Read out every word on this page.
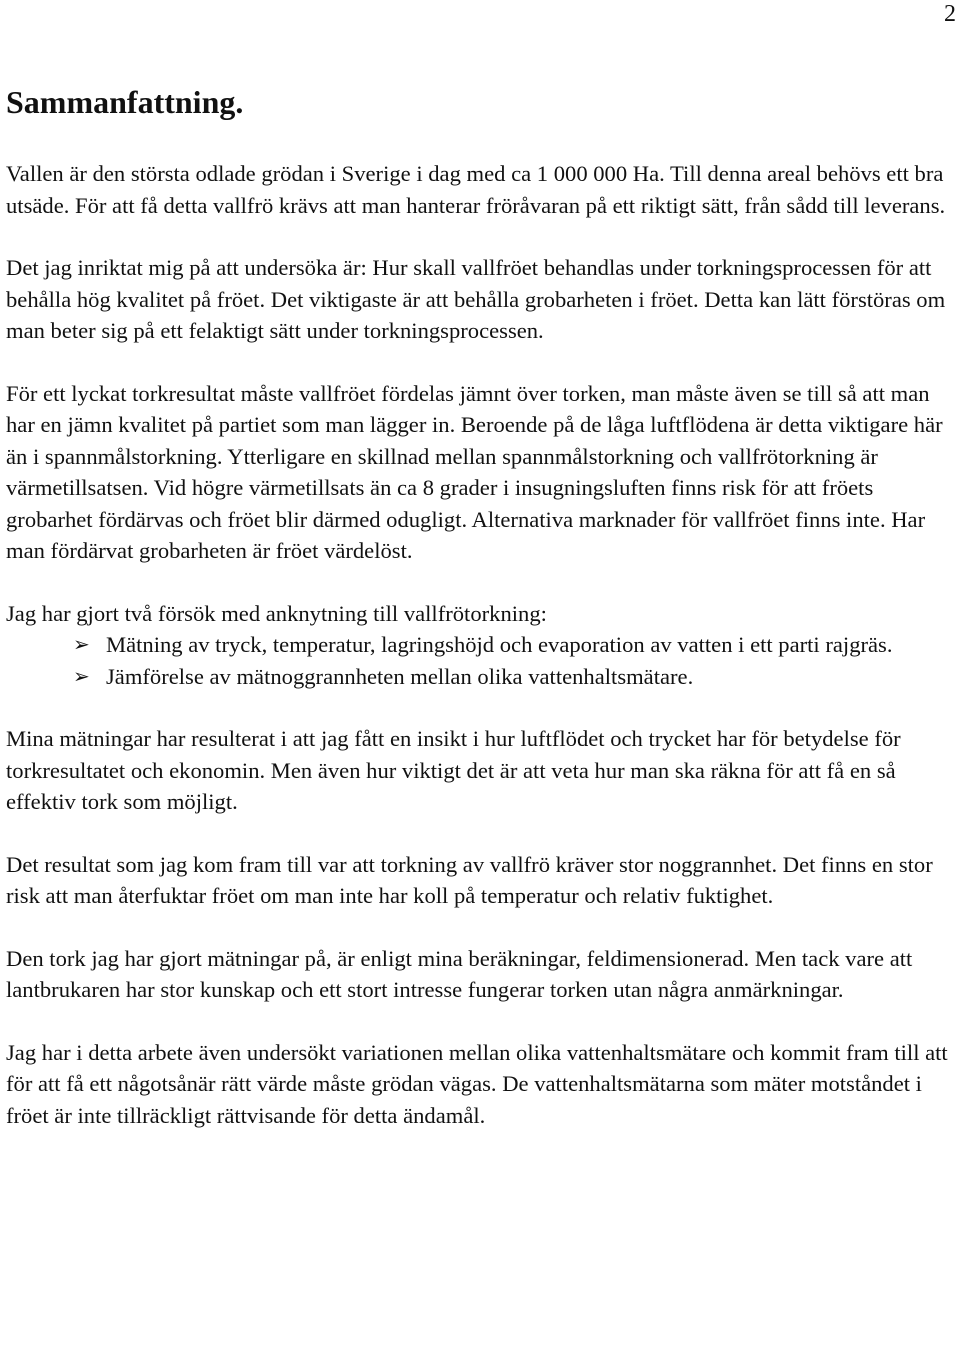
2
Sammanfattning.

Vallen är den största odlade grödan i Sverige i dag med ca 1 000 000 Ha. Till denna areal behövs ett bra utsäde. För att få detta vallfrö krävs att man hanterar fröråvaran på ett riktigt sätt, från sådd till leverans.

Det jag inriktat mig på att undersöka är: Hur skall vallfröet behandlas under torkningsprocessen för att behålla hög kvalitet på fröet. Det viktigaste är att behålla grobarheten i fröet. Detta kan lätt förstöras om man beter sig på ett felaktigt sätt under torkningsprocessen.

För ett lyckat torkresultat måste vallfröet fördelas jämnt över torken, man måste även se till så att man har en jämn kvalitet på partiet som man lägger in. Beroende på de låga luftflödena är detta viktigare här än i spannmålstorkning. Ytterligare en skillnad mellan spannmålstorkning och vallfrötorkning är värmetillsatsen. Vid högre värmetillsats än ca 8 grader i insugningsluften finns risk för att fröets grobarhet fördärvas och fröet blir därmed odugligt. Alternativa marknader för vallfröet finns inte. Har man fördärvat grobarheten är fröet värdelöst.

Jag har gjort två försök med anknytning till vallfrötorkning:

➢ Mätning av tryck, temperatur, lagringshöjd och evaporation av vatten i ett parti rajgräs.
➢ Jämförelse av mätnoggrannheten mellan olika vattenhaltsmätare.

Mina mätningar har resulterat i att jag fått en insikt i hur luftflödet och trycket har för betydelse för torkresultatet och ekonomin. Men även hur viktigt det är att veta hur man ska räkna för att få en så effektiv tork som möjligt.

Det resultat som jag kom fram till var att torkning av vallfrö kräver stor noggrannhet. Det finns en stor risk att man återfuktar fröet om man inte har koll på temperatur och relativ fuktighet.

Den tork jag har gjort mätningar på, är enligt mina beräkningar, feldimensionerad. Men tack vare att lantbrukaren har stor kunskap och ett stort intresse fungerar torken utan några anmärkningar.

Jag har i detta arbete även undersökt variationen mellan olika vattenhaltsmätare och kommit fram till att för att få ett någotsånär rätt värde måste grödan vägas. De vattenhaltsmätarna som mäter motståndet i fröet är inte tillräckligt rättvisande för detta ändamål.
